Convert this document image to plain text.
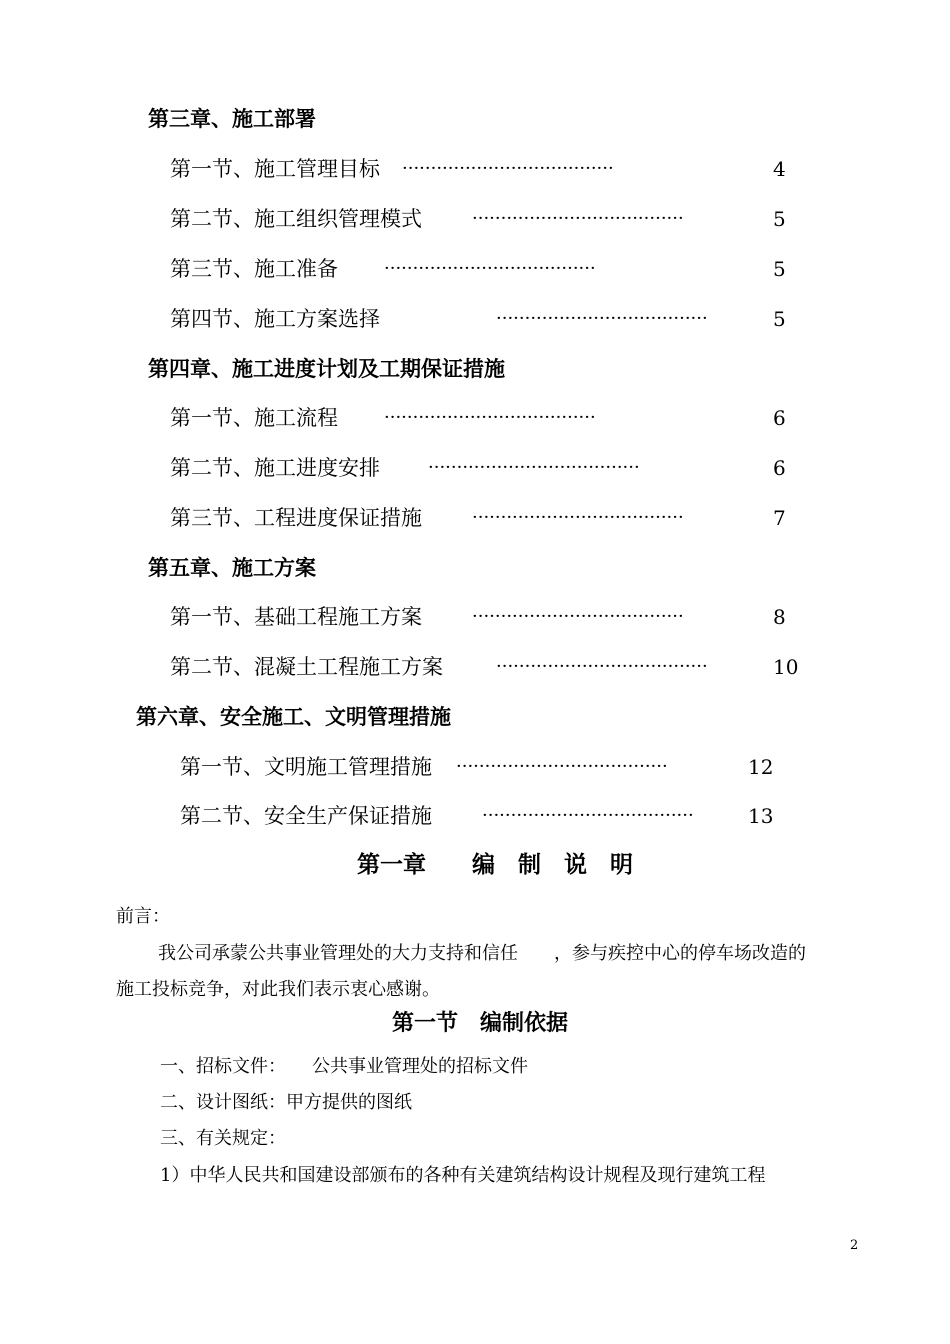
第三章、施工部署
第一节、施工管理目标 ·····································	4
第二节、施工组织管理模式	·····································	5
第三节、施工准备	·····································	5
第四节、施工方案选择	·····································	5
第四章、施工进度计划及工期保证措施
第一节、施工流程	·····································	6
第二节、施工进度安排	·····································	6
第三节、工程进度保证措施	·····································	7
第五章、施工方案
第一节、基础工程施工方案	·····································	8
第二节、混凝土工程施工方案	·····································	10
第六章、安全施工、文明管理措施
第一节、文明施工管理措施 ·····································	12
第二节、安全生产保证措施	·····································	13
第一章　　编　制　说　明
前言：
我公司承蒙公共事业管理处的大力支持和信任　　，参与疾控中心的停车场改造的
施工投标竞争，对此我们表示衷心感谢。
第一节　编制依据
一、招标文件： 公共事业管理处的招标文件
二、设计图纸：甲方提供的图纸
三、有关规定：
1）中华人民共和国建设部颁布的各种有关建筑结构设计规程及现行建筑工程
2
